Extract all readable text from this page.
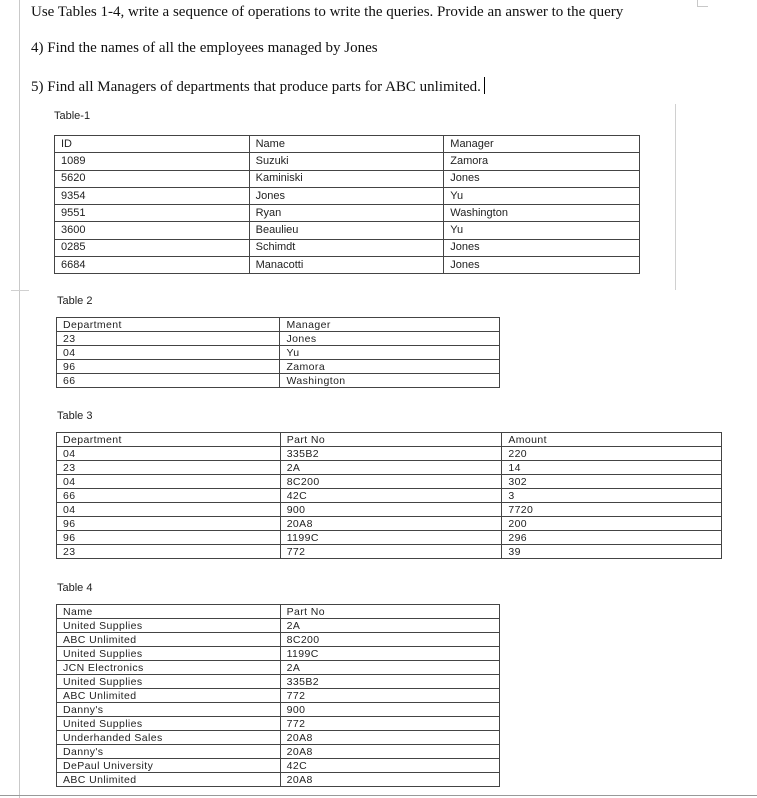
Use Tables 1-4, write a sequence of operations to write the queries. Provide an answer to the query
4) Find the names of all the employees managed by Jones
5) Find all Managers of departments that produce parts for ABC unlimited.
Table-1
ID	Name	Manager
1089	Suzuki	Zamora
5620	Kaminiski	Jones
9354	Jones	Yu
9551	Ryan	Washington
3600	Beaulieu	Yu
0285	Schimdt	Jones
6684	Manacotti	Jones
Table 2
Department	Manager
23	Jones
04	Yu
96	Zamora
66	Washington
Table 3
Department	Part No	Amount
04	335B2	220
23	2A	14
04	8C200	302
66	42C	3
04	900	7720
96	20A8	200
96	1199C	296
23	772	39
Table 4
Name	Part No
United Supplies	2A
ABC Unlimited	8C200
United Supplies	1199C
JCN Electronics	2A
United Supplies	335B2
ABC Unlimited	772
Danny's	900
United Supplies	772
Underhanded Sales	20A8
Danny's	20A8
DePaul University	42C
ABC Unlimited	20A8
